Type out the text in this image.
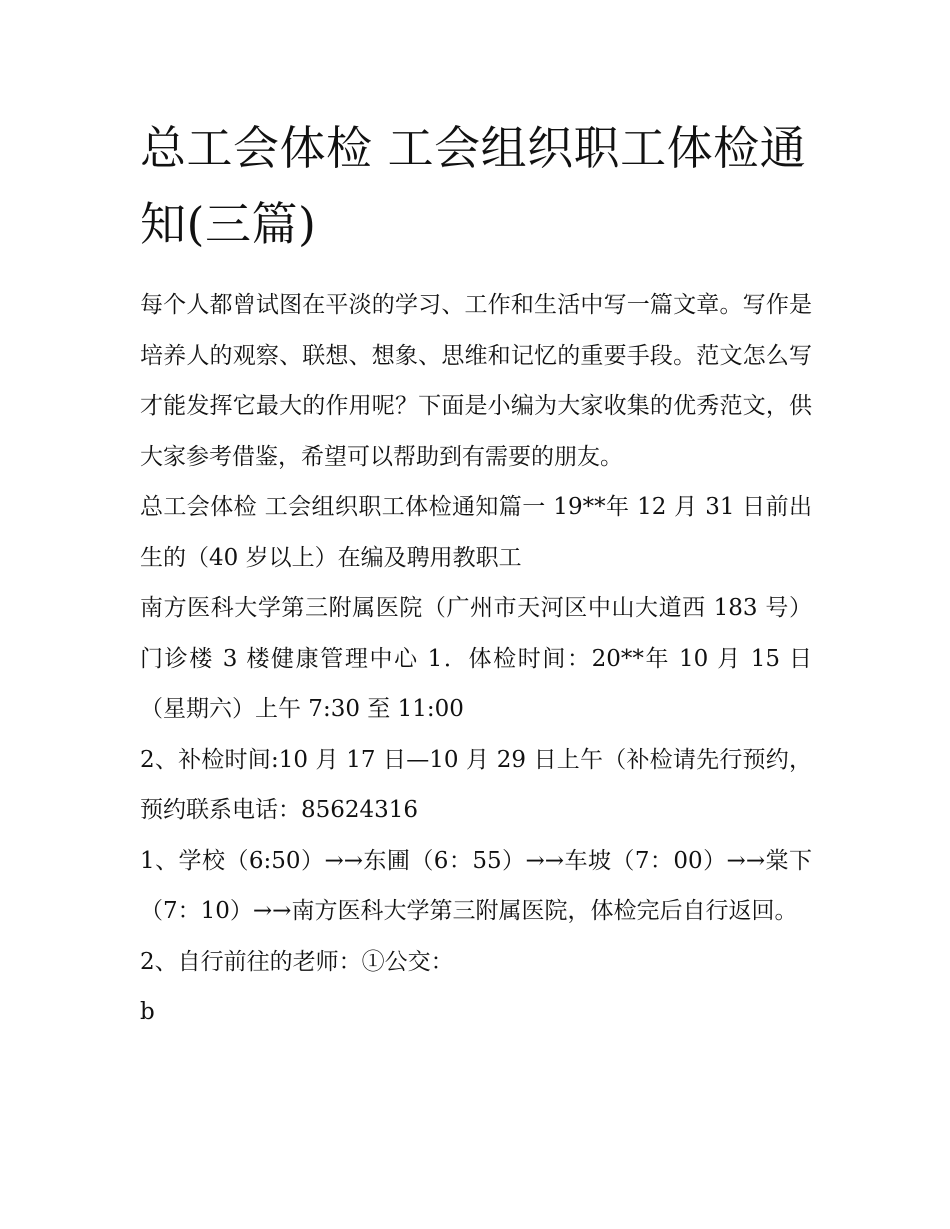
总工会体检 工会组织职工体检通知(三篇)

每个人都曾试图在平淡的学习、工作和生活中写一篇文章。写作是培养人的观察、联想、想象、思维和记忆的重要手段。范文怎么写才能发挥它最大的作用呢？下面是小编为大家收集的优秀范文，供大家参考借鉴，希望可以帮助到有需要的朋友。

总工会体检 工会组织职工体检通知篇一 19**年 12 月 31 日前出生的（40 岁以上）在编及聘用教职工

南方医科大学第三附属医院（广州市天河区中山大道西 183 号）门诊楼 3 楼健康管理中心 1．体检时间：20**年 10 月 15 日（星期六）上午 7:30 至 11:00

2、补检时间:10 月 17 日—10 月 29 日上午（补检请先行预约，预约联系电话：85624316

1、学校（6:50）→→东圃（6：55）→→车坡（7：00）→→棠下（7：10）→→南方医科大学第三附属医院，体检完后自行返回。

2、自行前往的老师：①公交：

b
